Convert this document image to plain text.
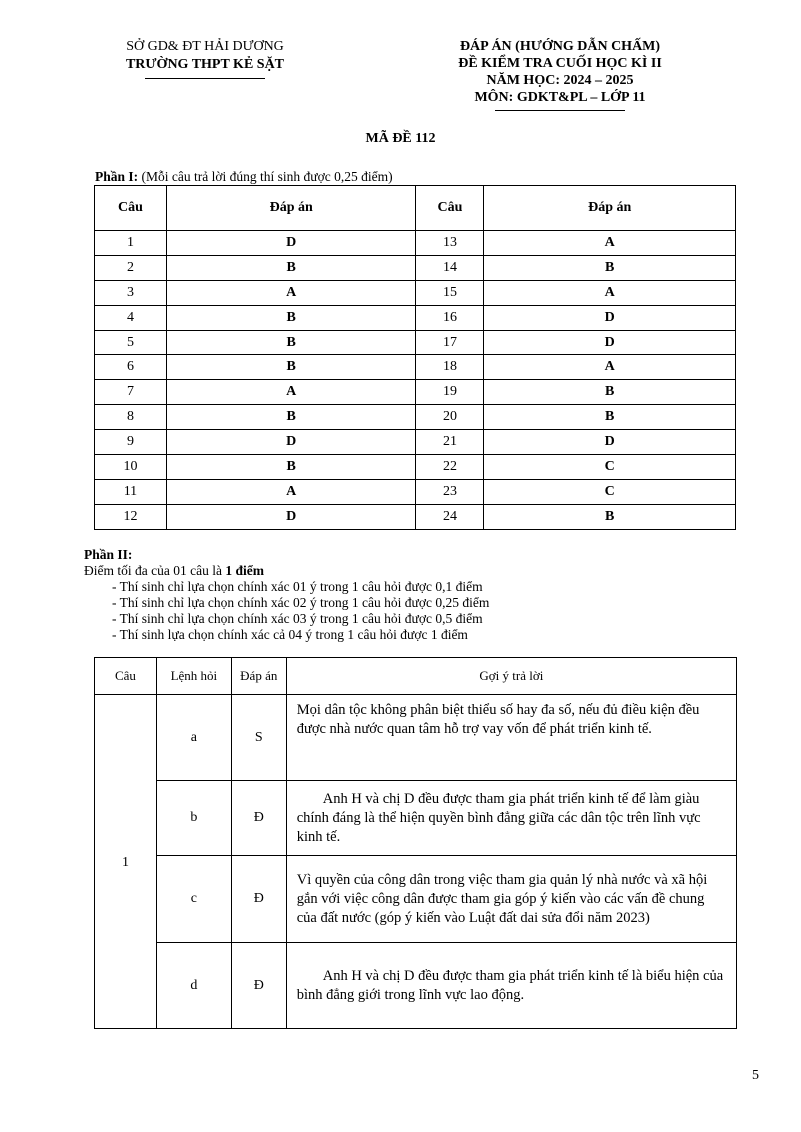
SỞ GD& ĐT HẢI DƯƠNG
TRƯỜNG THPT KẺ SẶT
ĐÁP ÁN (HƯỚNG DẪN CHẤM)
ĐỀ KIỂM TRA CUỐI HỌC KÌ II
NĂM HỌC: 2024 – 2025
MÔN: GDKT&PL – LỚP 11
MÃ ĐỀ 112
Phần I: (Mỗi câu trả lời đúng thí sinh được 0,25 điểm)
Câu	Đáp án	Câu	Đáp án
1	D	13	A
2	B	14	B
3	A	15	A
4	B	16	D
5	B	17	D
6	B	18	A
7	A	19	B
8	B	20	B
9	D	21	D
10	B	22	C
11	A	23	C
12	D	24	B
Phần II:
Điểm tối đa của 01 câu là 1 điểm
- Thí sinh chỉ lựa chọn chính xác 01 ý trong 1 câu hỏi được 0,1 điểm
- Thí sinh chỉ lựa chọn chính xác 02 ý trong 1 câu hỏi được 0,25 điểm
- Thí sinh chỉ lựa chọn chính xác 03 ý trong 1 câu hỏi được 0,5 điểm
- Thí sinh lựa chọn chính xác cả 04 ý trong 1 câu hỏi được 1 điểm
Câu	Lệnh hỏi	Đáp án	Gợi ý trả lời
1	a	S	Mọi dân tộc không phân biệt thiểu số hay đa số, nếu đủ điều kiện đều được nhà nước quan tâm hỗ trợ vay vốn để phát triển kinh tế.
	b	Đ	Anh H và chị D đều được tham gia phát triển kinh tế để làm giàu chính đáng là thể hiện quyền bình đẳng giữa các dân tộc trên lĩnh vực kinh tế.
	c	Đ	Vì quyền của công dân trong việc tham gia quản lý nhà nước và xã hội gắn với việc công dân được tham gia góp ý kiến vào các vấn đề chung của đất nước (góp ý kiến vào Luật đất dai sửa đổi năm 2023)
	d	Đ	Anh H và chị D đều được tham gia phát triển kinh tế là biểu hiện của bình đẳng giới trong lĩnh vực lao động.
5
